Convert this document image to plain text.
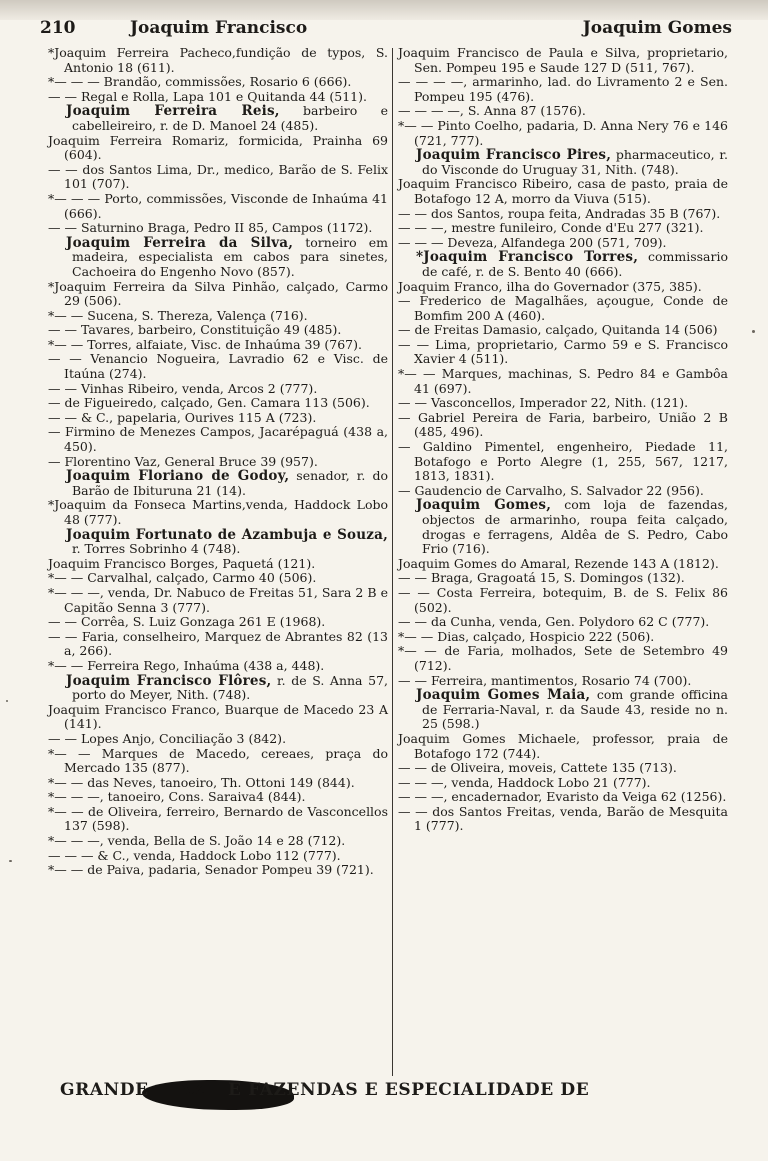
210	Joaquim Francisco	Joaquim Gomes

*Joaquim Ferreira Pacheco,fundição de typos, S. Antonio 18 (611).

*— — — Brandão, commissões, Rosario 6 (666).

— — Regal e Rolla, Lapa 101 e Quitanda 44 (511).

Joaquim Ferreira Reis, barbeiro e cabelleireiro, r. de D. Manoel 24 (485).

Joaquim Ferreira Romariz, formicida, Prainha 69 (604).

— — dos Santos Lima, Dr., medico, Barão de S. Felix 101 (707).

*— — — Porto, commissões, Visconde de Inhaúma 41 (666).

— — Saturnino Braga, Pedro II 85, Campos (1172).

Joaquim Ferreira da Silva, torneiro em madeira, especialista em cabos para sinetes, Cachoeira do Engenho Novo (857).

*Joaquim Ferreira da Silva Pinhão, calçado, Carmo 29 (506).

*— — Sucena, S. Thereza, Valença (716).

— — Tavares, barbeiro, Constituição 49 (485).

*— — Torres, alfaiate, Visc. de Inhaúma 39 (767).

— — Venancio Nogueira, Lavradio 62 e Visc. de Itaúna (274).

— — Vinhas Ribeiro, venda, Arcos 2 (777).

— de Figueiredo, calçado, Gen. Camara 113 (506).

— — & C., papelaria, Ourives 115 A (723).

— Firmino de Menezes Campos, Jacarépaguá (438 a, 450).

— Florentino Vaz, General Bruce 39 (957).

Joaquim Floriano de Godoy, senador, r. do Barão de Ibituruna 21 (14).

*Joaquim da Fonseca Martins,venda, Haddock Lobo 48 (777).

Joaquim Fortunato de Azambuja e Souza, r. Torres Sobrinho 4 (748).

Joaquim Francisco Borges, Paquetá (121).

*— — Carvalhal, calçado, Carmo 40 (506).

*— — —, venda, Dr. Nabuco de Freitas 51, Sara 2 B e Capitão Senna 3 (777).

— — Corrêa, S. Luiz Gonzaga 261 E (1968).

— — Faria, conselheiro, Marquez de Abrantes 82 (13 a, 266).

*— — Ferreira Rego, Inhaúma (438 a, 448).

Joaquim Francisco Flôres, r. de S. Anna 57, porto do Meyer, Nith. (748).

Joaquim Francisco Franco, Buarque de Macedo 23 A (141).

— — Lopes Anjo, Conciliação 3 (842).

*— — Marques de Macedo, cereaes, praça do Mercado 135 (877).

*— — das Neves, tanoeiro, Th. Ottoni 149 (844).

*— — —, tanoeiro, Cons. Saraiva4 (844).

*— — de Oliveira, ferreiro, Bernardo de Vasconcellos 137 (598).

*— — —, venda, Bella de S. João 14 e 28 (712).

— — — & C., venda, Haddock Lobo 112 (777).

*— — de Paiva, padaria, Senador Pompeu 39 (721).

Joaquim Francisco de Paula e Silva, proprietario, Sen. Pompeu 195 e Saude 127 D (511, 767).

— — — —, armarinho, lad. do Livramento 2 e Sen. Pompeu 195 (476).

— — — —, S. Anna 87 (1576).

*— — Pinto Coelho, padaria, D. Anna Nery 76 e 146 (721, 777).

Joaquim Francisco Pires, pharmaceutico, r. do Visconde do Uruguay 31, Nith. (748).

Joaquim Francisco Ribeiro, casa de pasto, praia de Botafogo 12 A, morro da Viuva (515).

— — dos Santos, roupa feita, Andradas 35 B (767).

— — —, mestre funileiro, Conde d'Eu 277 (321).

— — — Deveza, Alfandega 200 (571, 709).

*Joaquim Francisco Torres, commissario de café, r. de S. Bento 40 (666).

Joaquim Franco, ilha do Governador (375, 385).

— Frederico de Magalhães, açougue, Conde de Bomfim 200 A (460).

— de Freitas Damasio, calçado, Quitanda 14 (506)

— — Lima, proprietario, Carmo 59 e S. Francisco Xavier 4 (511).

*— — Marques, machinas, S. Pedro 84 e Gambôa 41 (697).

— — Vasconcellos, Imperador 22, Nith. (121).

— Gabriel Pereira de Faria, barbeiro, União 2 B (485, 496).

— Galdino Pimentel, engenheiro, Piedade 11, Botafogo e Porto Alegre (1, 255, 567, 1217, 1813, 1831).

— Gaudencio de Carvalho, S. Salvador 22 (956).

Joaquim Gomes, com loja de fazendas, objectos de armarinho, roupa feita calçado, drogas e ferragens, Aldêa de S. Pedro, Cabo Frio (716).

Joaquim Gomes do Amaral, Rezende 143 A (1812).

— — Braga, Gragoatá 15, S. Domingos (132).

— — Costa Ferreira, botequim, B. de S. Felix 86 (502).

— — da Cunha, venda, Gen. Polydoro 62 C (777).

*— — Dias, calçado, Hospicio 222 (506).

*— — de Faria, molhados, Sete de Setembro 49 (712).

— — Ferreira, mantimentos, Rosario 74 (700).

Joaquim Gomes Maia, com grande officina de Ferraria-Naval, r. da Saude 43, reside no n. 25 (598.)

Joaquim Gomes Michaele, professor, praia de Botafogo 172 (744).

— — de Oliveira, moveis, Cattete 135 (713).

— — —, venda, Haddock Lobo 21 (777).

— — —, encadernador, Evaristo da Veiga 62 (1256).

— — dos Santos Freitas, venda, Barão de Mesquita 1 (777).

GRANDE AZ E FAZENDAS E ESPECIALIDADE DE
